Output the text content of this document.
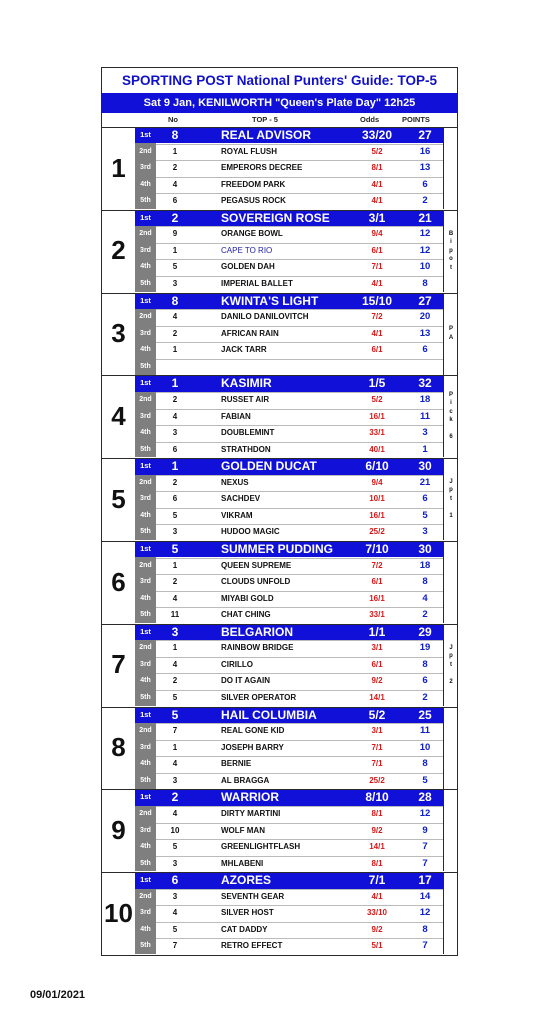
SPORTING POST National Punters' Guide: TOP-5
Sat 9 Jan, KENILWORTH "Queen's Plate Day" 12h25
No	TOP - 5	Odds	POINTS
1
1st	8	REAL ADVISOR	33/20	27
2nd	1	ROYAL FLUSH	5/2	16
3rd	2	EMPERORS DECREE	8/1	13
4th	4	FREEDOM PARK	4/1	6
5th	6	PEGASUS ROCK	4/1	2
2
1st	2	SOVEREIGN ROSE	3/1	21
2nd	9	ORANGE BOWL	9/4	12
3rd	1	CAPE TO RIO	6/1	12
4th	5	GOLDEN DAH	7/1	10
5th	3	IMPERIAL BALLET	4/1	8
B
i
p
o
t
3
1st	8	KWINTA'S LIGHT	15/10	27
2nd	4	DANILO DANILOVITCH	7/2	20
3rd	2	AFRICAN RAIN	4/1	13
4th	1	JACK TARR	6/1	6
5th
P
A
4
1st	1	KASIMIR	1/5	32
2nd	2	RUSSET AIR	5/2	18
3rd	4	FABIAN	16/1	11
4th	3	DOUBLEMINT	33/1	3
5th	6	STRATHDON	40/1	1
P
i
c
k

6
5
1st	1	GOLDEN DUCAT	6/10	30
2nd	2	NEXUS	9/4	21
3rd	6	SACHDEV	10/1	6
4th	5	VIKRAM	16/1	5
5th	3	HUDOO MAGIC	25/2	3
J
p
t

1
6
1st	5	SUMMER PUDDING	7/10	30
2nd	1	QUEEN SUPREME	7/2	18
3rd	2	CLOUDS UNFOLD	6/1	8
4th	4	MIYABI GOLD	16/1	4
5th	11	CHAT CHING	33/1	2
7
1st	3	BELGARION	1/1	29
2nd	1	RAINBOW BRIDGE	3/1	19
3rd	4	CIRILLO	6/1	8
4th	2	DO IT AGAIN	9/2	6
5th	5	SILVER OPERATOR	14/1	2
J
p
t

2
8
1st	5	HAIL COLUMBIA	5/2	25
2nd	7	REAL GONE KID	3/1	11
3rd	1	JOSEPH BARRY	7/1	10
4th	4	BERNIE	7/1	8
5th	3	AL BRAGGA	25/2	5
9
1st	2	WARRIOR	8/10	28
2nd	4	DIRTY MARTINI	8/1	12
3rd	10	WOLF MAN	9/2	9
4th	5	GREENLIGHTFLASH	14/1	7
5th	3	MHLABENI	8/1	7
10
1st	6	AZORES	7/1	17
2nd	3	SEVENTH GEAR	4/1	14
3rd	4	SILVER HOST	33/10	12
4th	5	CAT DADDY	9/2	8
5th	7	RETRO EFFECT	5/1	7
09/01/2021
